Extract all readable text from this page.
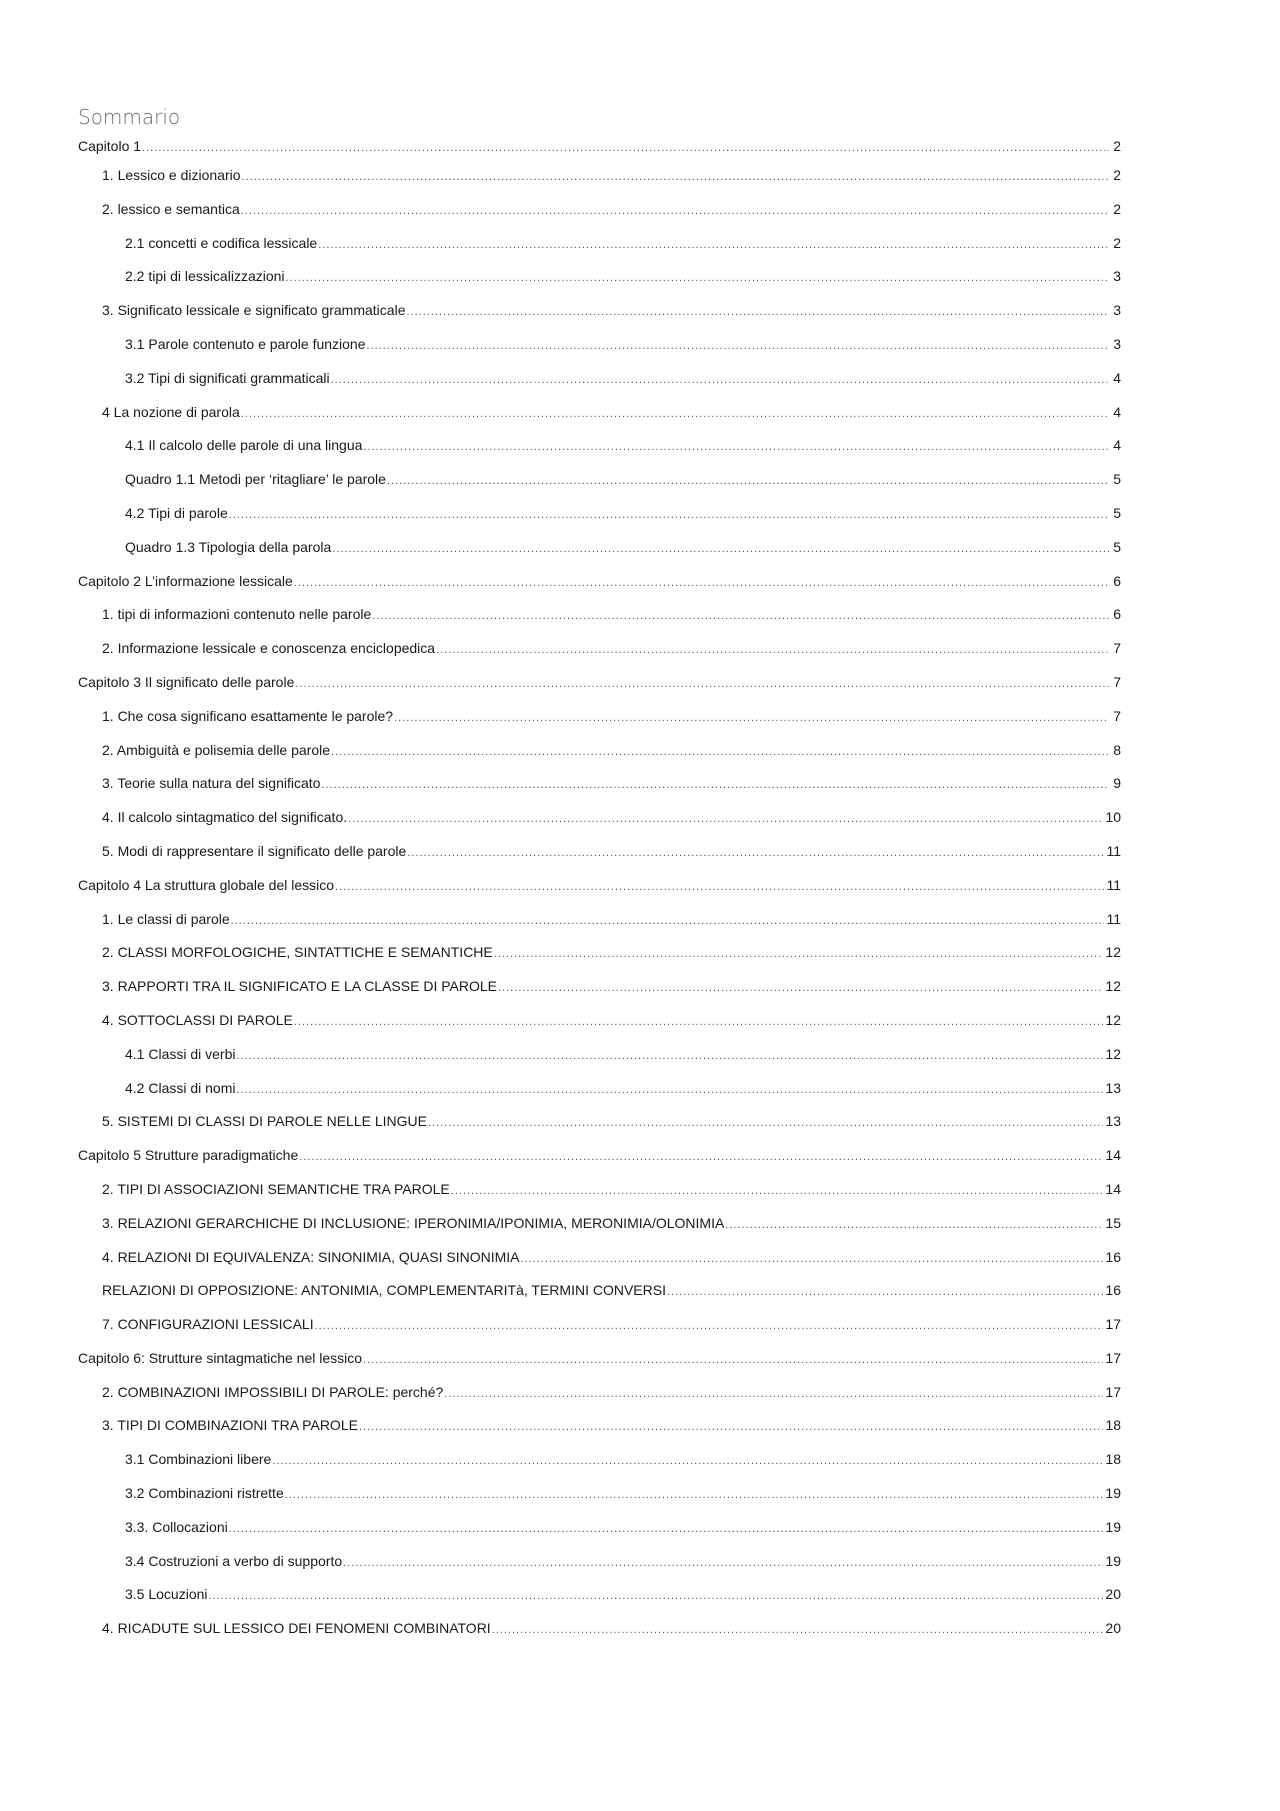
Sommario
Capitolo 1 .....	2
1. Lessico e dizionario .....	2
2. lessico e semantica .....	2
2.1 concetti e codifica lessicale .....	2
2.2 tipi di lessicalizzazioni .....	3
3. Significato lessicale e significato grammaticale .....	3
3.1 Parole contenuto e parole funzione .....	3
3.2 Tipi di significati grammaticali .....	4
4 La nozione di parola .....	4
4.1 Il calcolo delle parole di una lingua .....	4
Quadro 1.1 Metodi per ‘ritagliare’ le parole .....	5
4.2 Tipi di parole .....	5
Quadro 1.3 Tipologia della parola .....	5
Capitolo 2 L’informazione lessicale .....	6
1. tipi di informazioni contenuto nelle parole .....	6
2. Informazione lessicale e conoscenza enciclopedica .....	7
Capitolo 3 Il significato delle parole .....	7
1. Che cosa significano esattamente le parole? .....	7
2. Ambiguità e polisemia delle parole .....	8
3. Teorie sulla natura del significato .....	9
4. Il calcolo sintagmatico del significato. .....	10
5. Modi di rappresentare il significato delle parole .....	11
Capitolo 4 La struttura globale del lessico .....	11
1. Le classi di parole .....	11
2. CLASSI MORFOLOGICHE, SINTATTICHE E SEMANTICHE .....	12
3. RAPPORTI TRA IL SIGNIFICATO E LA CLASSE DI PAROLE .....	12
4. SOTTOCLASSI DI PAROLE .....	12
4.1 Classi di verbi .....	12
4.2 Classi di nomi .....	13
5. SISTEMI DI CLASSI DI PAROLE NELLE LINGUE .....	13
Capitolo 5 Strutture paradigmatiche .....	14
2. TIPI DI ASSOCIAZIONI SEMANTICHE TRA PAROLE .....	14
3. RELAZIONI GERARCHICHE DI INCLUSIONE: IPERONIMIA/IPONIMIA, MERONIMIA/OLONIMIA .....	15
4. RELAZIONI DI EQUIVALENZA: SINONIMIA, QUASI SINONIMIA .....	16
RELAZIONI DI OPPOSIZIONE: ANTONIMIA, COMPLEMENTARITà, TERMINI CONVERSI .....	16
7. CONFIGURAZIONI LESSICALI .....	17
Capitolo 6: Strutture sintagmatiche nel lessico .....	17
2. COMBINAZIONI IMPOSSIBILI DI PAROLE: perché? .....	17
3. TIPI DI COMBINAZIONI TRA PAROLE .....	18
3.1 Combinazioni libere .....	18
3.2 Combinazioni ristrette .....	19
3.3. Collocazioni .....	19
3.4 Costruzioni a verbo di supporto .....	19
3.5 Locuzioni .....	20
4. RICADUTE SUL LESSICO DEI FENOMENI COMBINATORI .....	20
